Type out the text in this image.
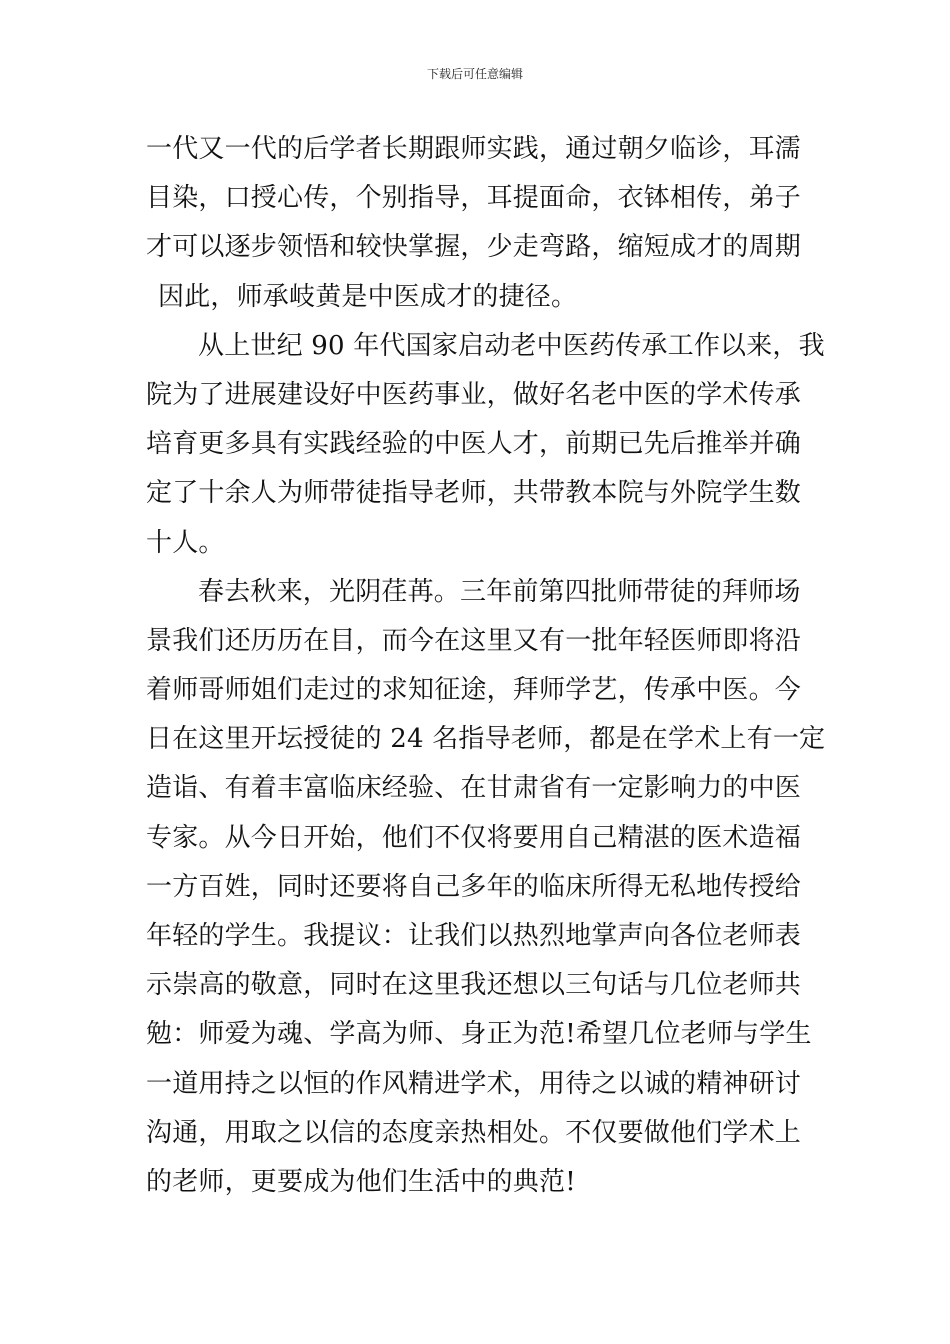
下载后可任意编辑
一代又一代的后学者长期跟师实践，通过朝夕临诊，耳濡
目染，口授心传，个别指导，耳提面命，衣钵相传，弟子
才可以逐步领悟和较快掌握，少走弯路，缩短成才的周期
因此，师承岐黄是中医成才的捷径。
从上世纪 90 年代国家启动老中医药传承工作以来，我
院为了进展建设好中医药事业，做好名老中医的学术传承
培育更多具有实践经验的中医人才，前期已先后推举并确
定了十余人为师带徒指导老师，共带教本院与外院学生数
十人。
春去秋来，光阴荏苒。三年前第四批师带徒的拜师场
景我们还历历在目，而今在这里又有一批年轻医师即将沿
着师哥师姐们走过的求知征途，拜师学艺，传承中医。今
日在这里开坛授徒的 24 名指导老师，都是在学术上有一定
造诣、有着丰富临床经验、在甘肃省有一定影响力的中医
专家。从今日开始，他们不仅将要用自己精湛的医术造福
一方百姓，同时还要将自己多年的临床所得无私地传授给
年轻的学生。我提议：让我们以热烈地掌声向各位老师表
示崇高的敬意，同时在这里我还想以三句话与几位老师共
勉：师爱为魂、学高为师、身正为范!希望几位老师与学生
一道用持之以恒的作风精进学术，用待之以诚的精神研讨
沟通，用取之以信的态度亲热相处。不仅要做他们学术上
的老师，更要成为他们生活中的典范!
